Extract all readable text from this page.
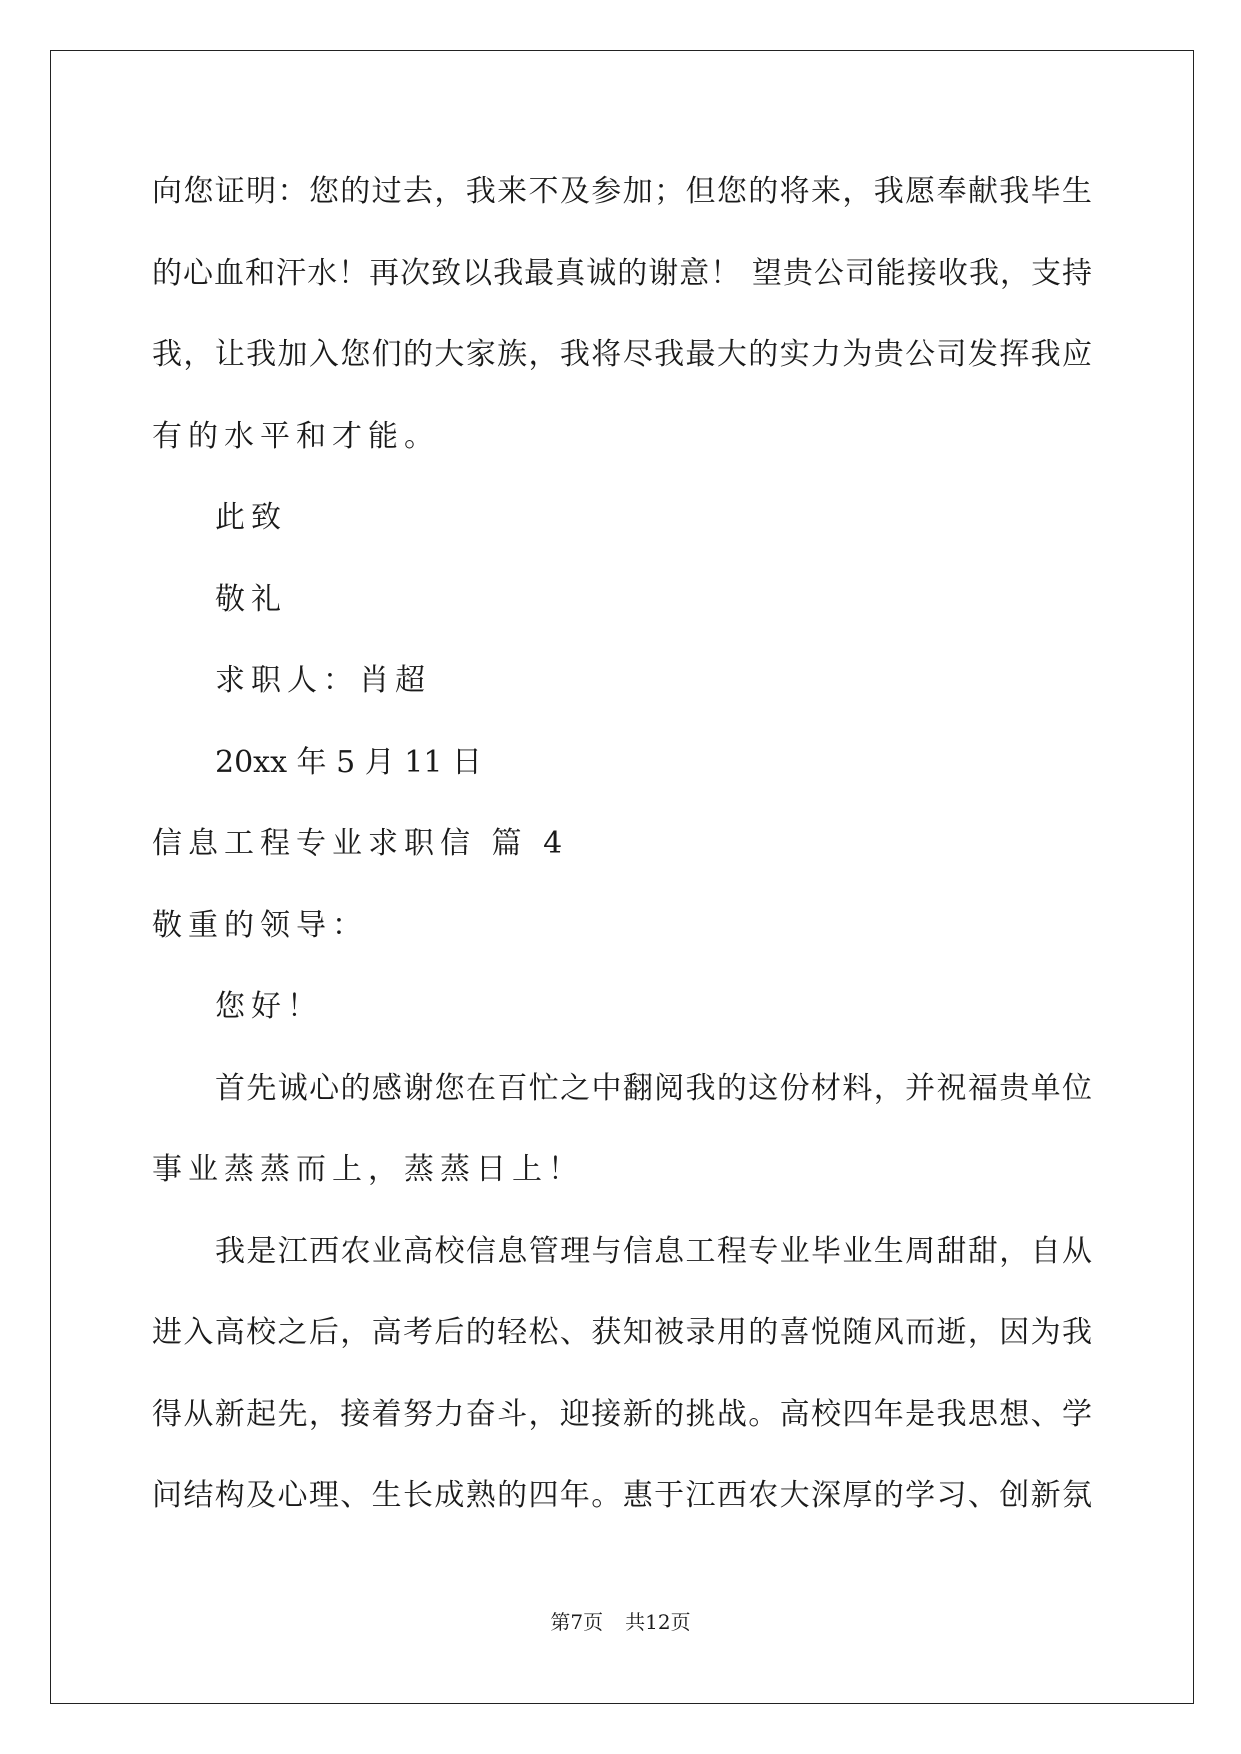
向您证明：您的过去，我来不及参加；但您的将来，我愿奉献我毕生
的心血和汗水！再次致以我最真诚的谢意！ 望贵公司能接收我，支持
我，让我加入您们的大家族，我将尽我最大的实力为贵公司发挥我应
有的水平和才能。
此致
敬礼
求职人：肖超
20xx 年 5 月 11 日
信息工程专业求职信 篇 4
敬重的领导：
您好！
首先诚心的感谢您在百忙之中翻阅我的这份材料，并祝福贵单位
事业蒸蒸而上，蒸蒸日上！
我是江西农业高校信息管理与信息工程专业毕业生周甜甜，自从
进入高校之后，高考后的轻松、获知被录用的喜悦随风而逝，因为我
得从新起先，接着努力奋斗，迎接新的挑战。高校四年是我思想、学
问结构及心理、生长成熟的四年。惠于江西农大深厚的学习、创新氛
第7页 共12页
